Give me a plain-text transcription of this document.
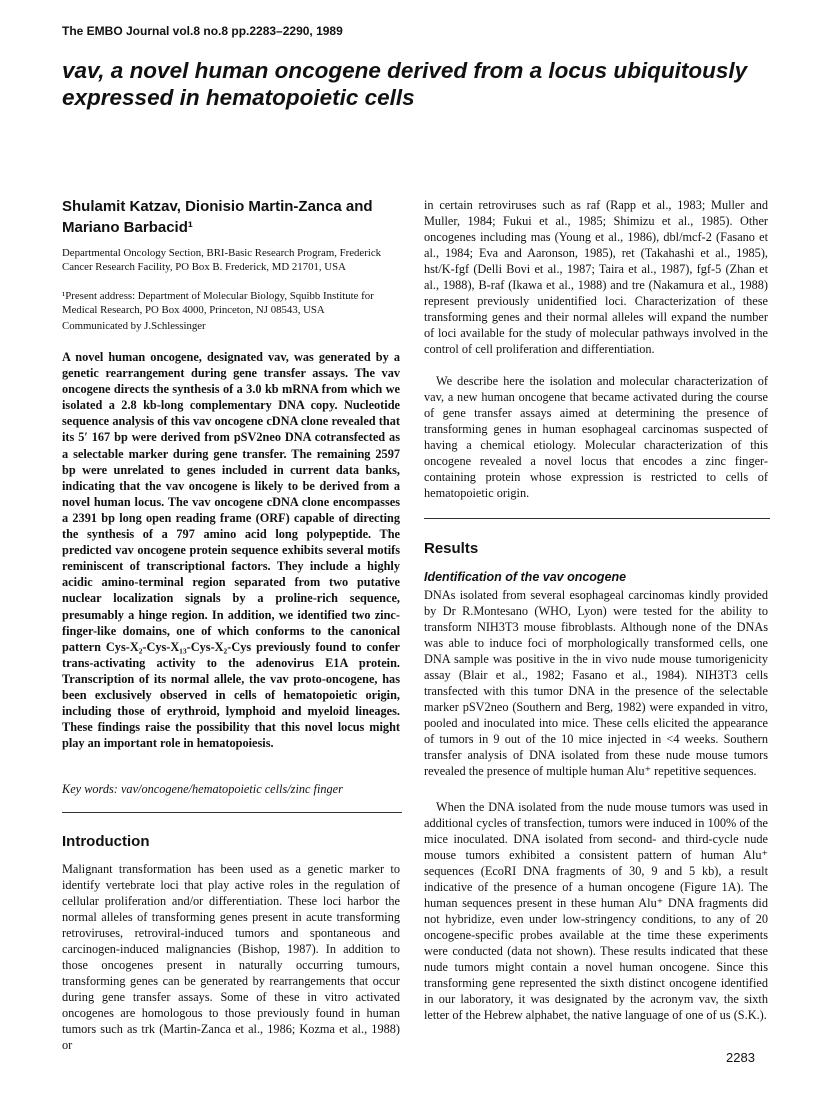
The EMBO Journal vol.8 no.8 pp.2283–2290, 1989
vav, a novel human oncogene derived from a locus ubiquitously expressed in hematopoietic cells

Shulamit Katzav, Dionisio Martin-Zanca and Mariano Barbacid¹

Departmental Oncology Section, BRI-Basic Research Program, Frederick Cancer Research Facility, PO Box B. Frederick, MD 21701, USA

¹Present address: Department of Molecular Biology, Squibb Institute for Medical Research, PO Box 4000, Princeton, NJ 08543, USA

Communicated by J.Schlessinger

A novel human oncogene, designated vav, was generated by a genetic rearrangement during gene transfer assays. The vav oncogene directs the synthesis of a 3.0 kb mRNA from which we isolated a 2.8 kb-long complementary DNA copy. Nucleotide sequence analysis of this vav oncogene cDNA clone revealed that its 5′ 167 bp were derived from pSV2neo DNA cotransfected as a selectable marker during gene transfer. The remaining 2597 bp were unrelated to genes included in current data banks, indicating that the vav oncogene is likely to be derived from a novel human locus. The vav oncogene cDNA clone encompasses a 2391 bp long open reading frame (ORF) capable of directing the synthesis of a 797 amino acid long polypeptide. The predicted vav oncogene protein sequence exhibits several motifs reminiscent of transcriptional factors. They include a highly acidic amino-terminal region separated from two putative nuclear localization signals by a proline-rich sequence, presumably a hinge region. In addition, we identified two zinc-finger-like domains, one of which conforms to the canonical pattern Cys-X₂-Cys-X₁₃-Cys-X₂-Cys previously found to confer trans-activating activity to the adenovirus E1A protein. Transcription of its normal allele, the vav proto-oncogene, has been exclusively observed in cells of hematopoietic origin, including those of erythroid, lymphoid and myeloid lineages. These findings raise the possibility that this novel locus might play an important role in hematopoiesis.

Key words: vav/oncogene/hematopoietic cells/zinc finger

Introduction

Malignant transformation has been used as a genetic marker to identify vertebrate loci that play active roles in the regulation of cellular proliferation and/or differentiation. These loci harbor the normal alleles of transforming genes present in acute transforming retroviruses, retroviral-induced tumors and spontaneous and carcinogen-induced malignancies (Bishop, 1987). In addition to those oncogenes present in naturally occurring tumours, transforming genes can be generated by rearrangements that occur during gene transfer assays. Some of these in vitro activated oncogenes are homologous to those previously found in human tumors such as trk (Martin-Zanca et al., 1986; Kozma et al., 1988) or

in certain retroviruses such as raf (Rapp et al., 1983; Muller and Muller, 1984; Fukui et al., 1985; Shimizu et al., 1985). Other oncogenes including mas (Young et al., 1986), dbl/mcf-2 (Fasano et al., 1984; Eva and Aaronson, 1985), ret (Takahashi et al., 1985), hst/K-fgf (Delli Bovi et al., 1987; Taira et al., 1987), fgf-5 (Zhan et al., 1988), B-raf (Ikawa et al., 1988) and tre (Nakamura et al., 1988) represent previously unidentified loci. Characterization of these transforming genes and their normal alleles will expand the number of loci available for the study of molecular pathways involved in the control of cell proliferation and differentiation.

We describe here the isolation and molecular characterization of vav, a new human oncogene that became activated during the course of gene transfer assays aimed at determining the presence of transforming genes in human esophageal carcinomas suspected of having a chemical etiology. Molecular characterization of this oncogene revealed a novel locus that encodes a zinc finger-containing protein whose expression is restricted to cells of hematopoietic origin.

Results
Identification of the vav oncogene

DNAs isolated from several esophageal carcinomas kindly provided by Dr R.Montesano (WHO, Lyon) were tested for the ability to transform NIH3T3 mouse fibroblasts. Although none of the DNAs was able to induce foci of morphologically transformed cells, one DNA sample was positive in the in vivo nude mouse tumorigenicity assay (Blair et al., 1982; Fasano et al., 1984). NIH3T3 cells transfected with this tumor DNA in the presence of the selectable marker pSV2neo (Southern and Berg, 1982) were expanded in vitro, pooled and inoculated into mice. These cells elicited the appearance of tumors in 9 out of the 10 mice injected in <4 weeks. Southern transfer analysis of DNA isolated from these nude mouse tumors revealed the presence of multiple human Alu⁺ repetitive sequences.

When the DNA isolated from the nude mouse tumors was used in additional cycles of transfection, tumors were induced in 100% of the mice inoculated. DNA isolated from second- and third-cycle nude mouse tumors exhibited a consistent pattern of human Alu⁺ sequences (EcoRI DNA fragments of 30, 9 and 5 kb), a result indicative of the presence of a human oncogene (Figure 1A). The human sequences present in these human Alu⁺ DNA fragments did not hybridize, even under low-stringency conditions, to any of 20 oncogene-specific probes available at the time these experiments were conducted (data not shown). These results indicated that these nude tumors might contain a novel human oncogene. Since this transforming gene represented the sixth distinct oncogene identified in our laboratory, it was designated by the acronym vav, the sixth letter of the Hebrew alphabet, the native language of one of us (S.K.).

2283
